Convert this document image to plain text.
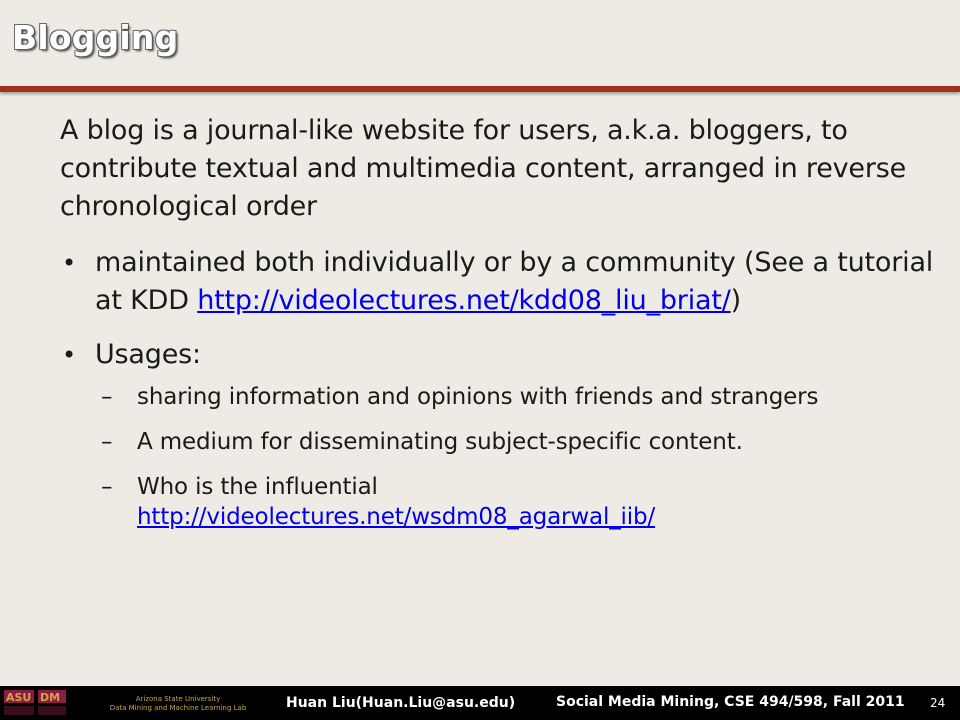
Blogging

A blog is a journal-like website for users, a.k.a. bloggers, to contribute textual and multimedia content, arranged in reverse chronological order

• maintained both individually or by a community (See a tutorial at KDD http://videolectures.net/kdd08_liu_briat/)
• Usages:
– sharing information and opinions with friends and strangers
– A medium for disseminating subject-specific content.
– Who is the influential
http://videolectures.net/wsdm08_agarwal_iib/
ASU DM	Arizona State University
Data Mining and Machine Learning Lab	Huan Liu(Huan.Liu@asu.edu)	Social Media Mining, CSE 494/598, Fall 2011 24
